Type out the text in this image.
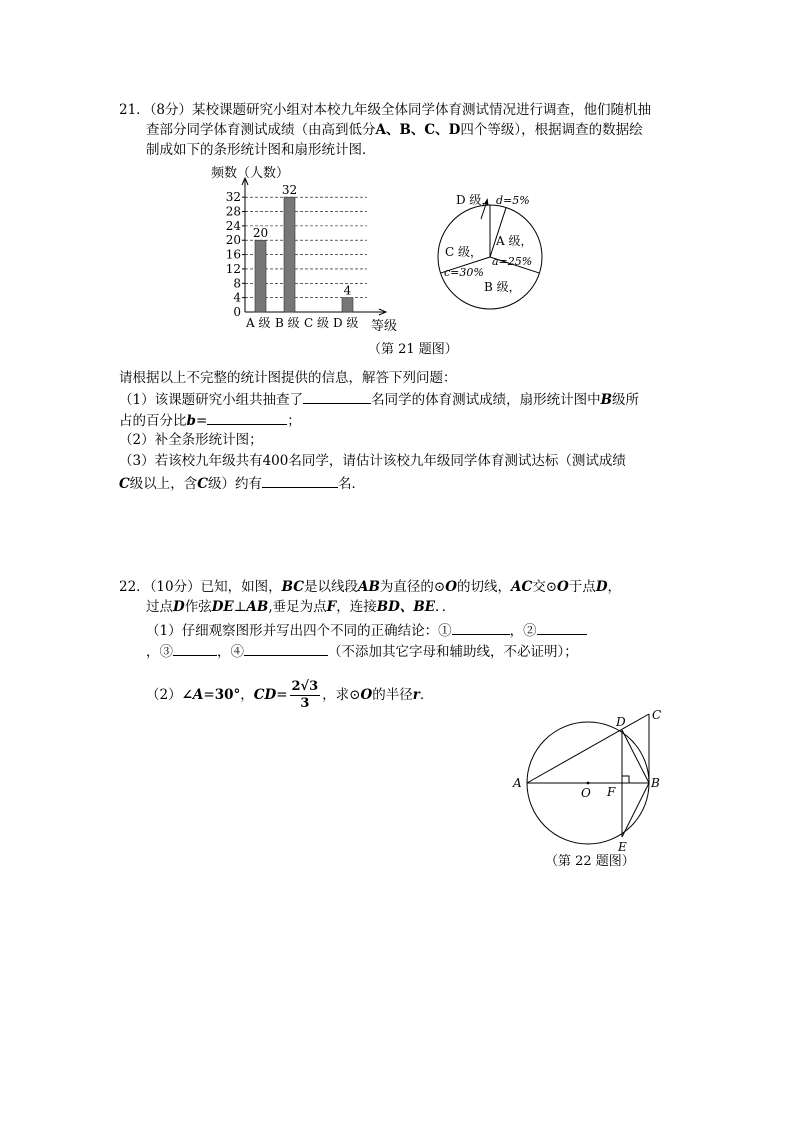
21．（8分）某校课题研究小组对本校九年级全体同学体育测试情况进行调查，他们随机抽
查部分同学体育测试成绩（由高到低分A、B、C、D四个等级），根据调查的数据绘
制成如下的条形统计图和扇形统计图．
频数（人数）
等级
0
4
8
12
16
20
24
28
32
20
A 级
32
B 级 C 级
4
D 级
D 级， d=5%
A 级，
a=25%
C 级，
c=30%
B 级，
（第 21 题图）
请根据以上不完整的统计图提供的信息，解答下列问题：
（1）该课题研究小组共抽查了	名同学的体育测试成绩，扇形统计图中B级所
占的百分比b=	；
（2）补全条形统计图；
（3）若该校九年级共有400名同学，请估计该校九年级同学体育测试达标（测试成绩
C级以上，含C级）约有	名．
22．（10分）已知，如图，BC是以线段AB为直径的⊙O的切线，AC交⊙O于点D，
过点D作弦DE⊥AB,垂足为点F，连接BD、BE．．
（1）仔细观察图形并写出四个不同的正确结论：①	，②
，③	，④	（不添加其它字母和辅助线，不必证明）；
（2）∠A=30°，$CD= \frac{2√3}{3}$ ，求⊙O的半径r．
A	B
C
D
E
F
O
（第 22 题图）
